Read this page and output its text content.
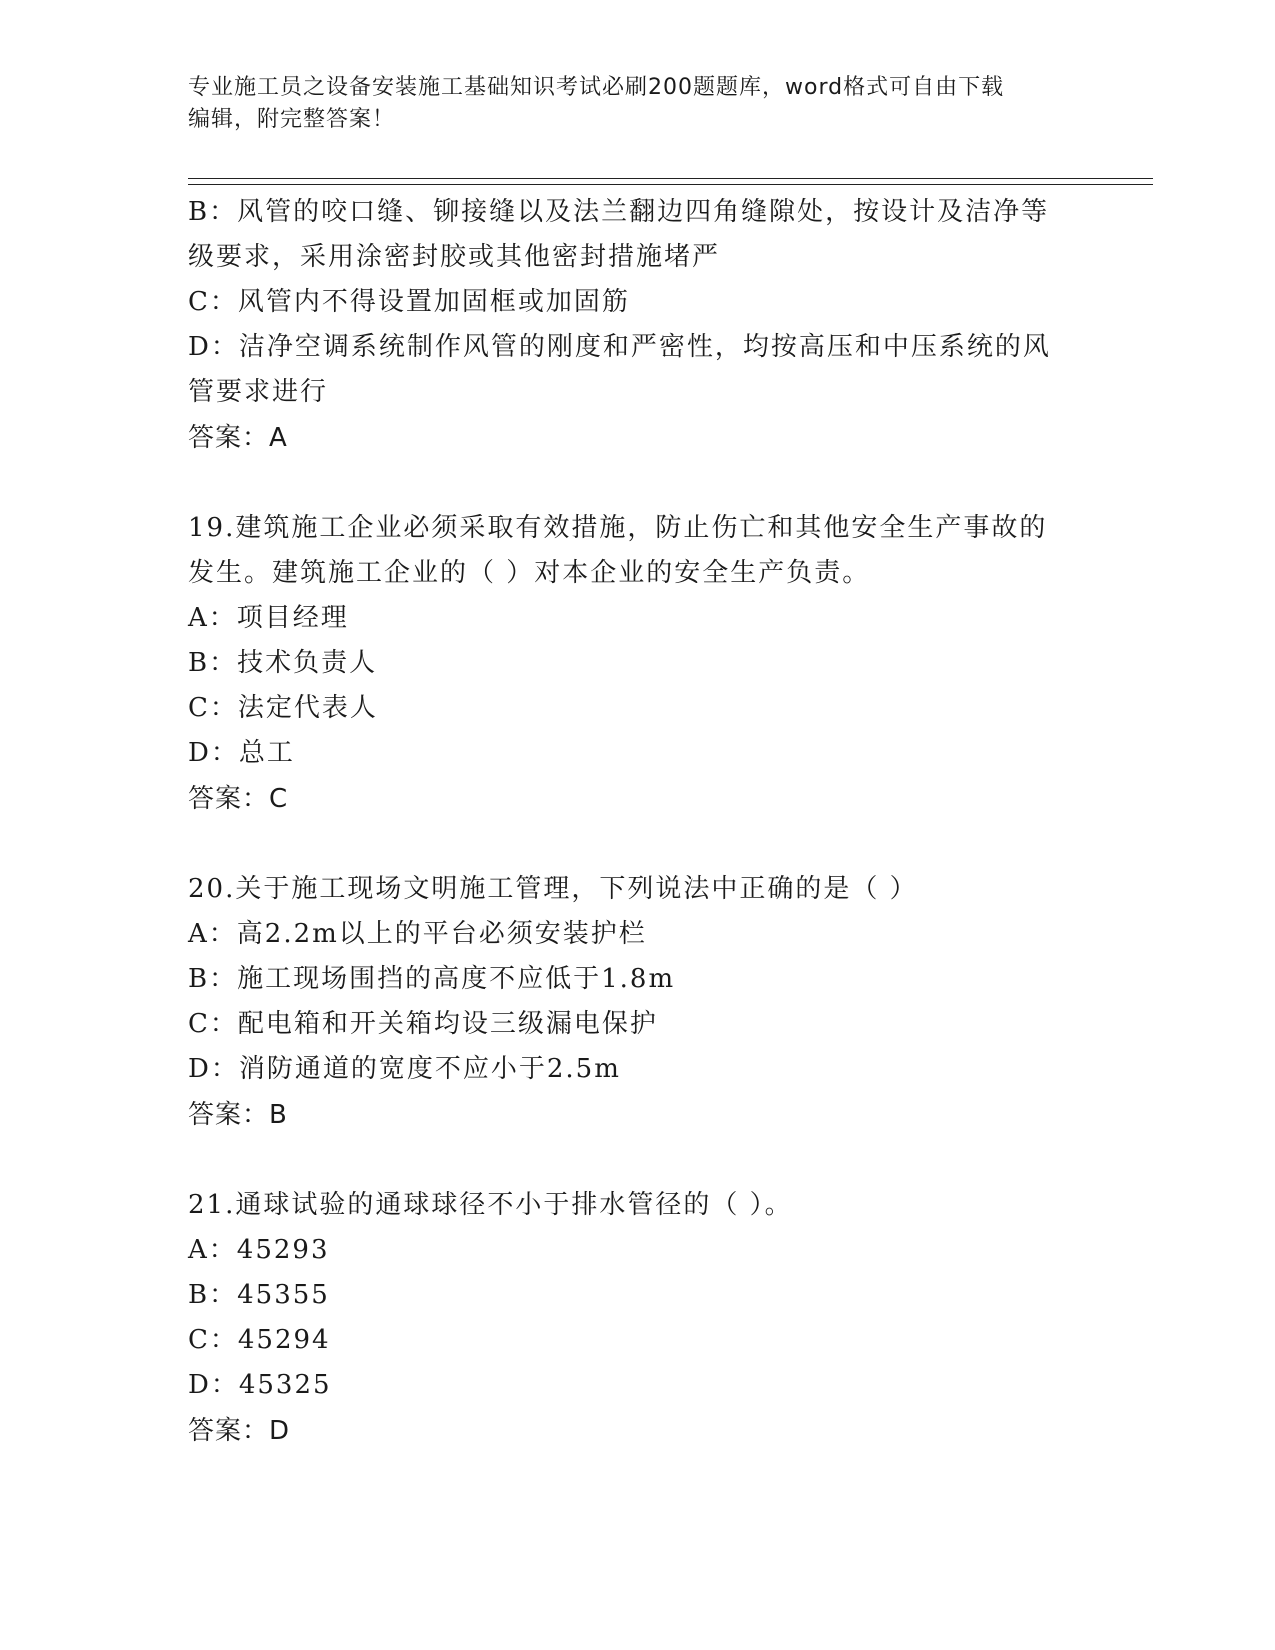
专业施工员之设备安装施工基础知识考试必刷200题题库，word格式可自由下载
编辑，附完整答案！
B：风管的咬口缝、铆接缝以及法兰翻边四角缝隙处，按设计及洁净等
级要求，采用涂密封胶或其他密封措施堵严
C：风管内不得设置加固框或加固筋
D：洁净空调系统制作风管的刚度和严密性，均按高压和中压系统的风
管要求进行
答案：A
19.建筑施工企业必须采取有效措施，防止伤亡和其他安全生产事故的
发生。建筑施工企业的（ ）对本企业的安全生产负责。
A：项目经理
B：技术负责人
C：法定代表人
D：总工
答案：C
20.关于施工现场文明施工管理，下列说法中正确的是（ ）
A：高2.2m以上的平台必须安装护栏
B：施工现场围挡的高度不应低于1.8m
C：配电箱和开关箱均设三级漏电保护
D：消防通道的宽度不应小于2.5m
答案：B
21.通球试验的通球球径不小于排水管径的（ ）。
A：45293
B：45355
C：45294
D：45325
答案：D
